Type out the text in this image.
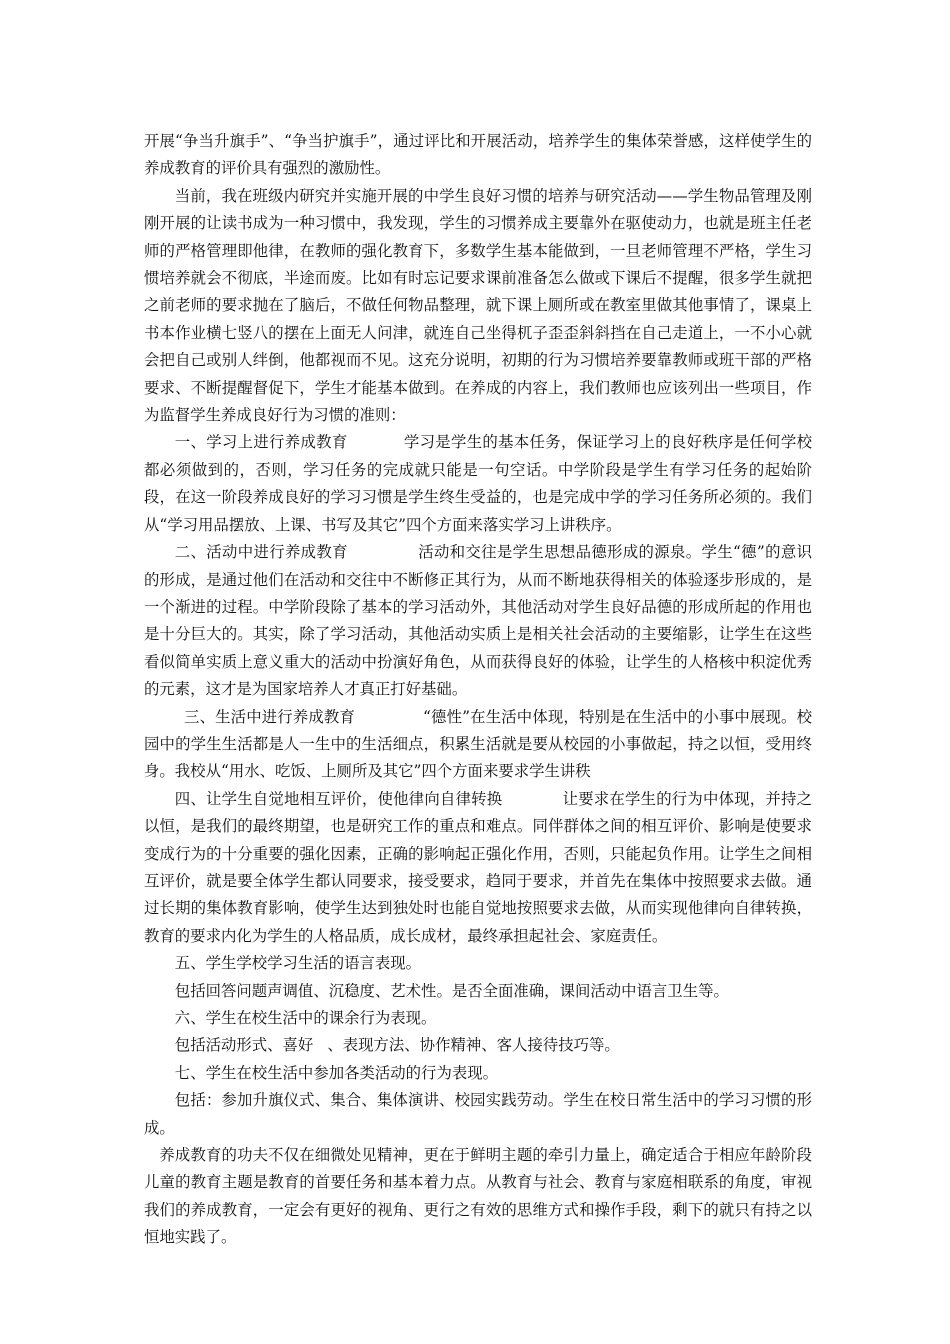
开展“争当升旗手”、“争当护旗手”，通过评比和开展活动，培养学生的集体荣誉感，这样使学生的养成教育的评价具有强烈的激励性。

当前，我在班级内研究并实施开展的中学生良好习惯的培养与研究活动——学生物品管理及刚刚开展的让读书成为一种习惯中，我发现，学生的习惯养成主要靠外在驱使动力，也就是班主任老师的严格管理即他律，在教师的强化教育下，多数学生基本能做到，一旦老师管理不严格，学生习惯培养就会不彻底，半途而废。比如有时忘记要求课前准备怎么做或下课后不提醒，很多学生就把之前老师的要求抛在了脑后，不做任何物品整理，就下课上厕所或在教室里做其他事情了，课桌上书本作业横七竖八的摆在上面无人问津，就连自己坐得杌子歪歪斜斜挡在自己走道上，一不小心就会把自己或别人绊倒，他都视而不见。这充分说明，初期的行为习惯培养要靠教师或班干部的严格要求、不断提醒督促下，学生才能基本做到。在养成的内容上，我们教师也应该列出一些项目，作为监督学生养成良好行为习惯的准则：

一、学习上进行养成教育	学习是学生的基本任务，保证学习上的良好秩序是任何学校都必须做到的，否则，学习任务的完成就只能是一句空话。中学阶段是学生有学习任务的起始阶段，在这一阶段养成良好的学习习惯是学生终生受益的，也是完成中学的学习任务所必须的。我们从“学习用品摆放、上课、书写及其它”四个方面来落实学习上讲秩序。

二、活动中进行养成教育	活动和交往是学生思想品德形成的源泉。学生“德”的意识的形成，是通过他们在活动和交往中不断修正其行为，从而不断地获得相关的体验逐步形成的，是一个渐进的过程。中学阶段除了基本的学习活动外，其他活动对学生良好品德的形成所起的作用也是十分巨大的。其实，除了学习活动，其他活动实质上是相关社会活动的主要缩影，让学生在这些看似简单实质上意义重大的活动中扮演好角色，从而获得良好的体验，让学生的人格核中积淀优秀的元素，这才是为国家培养人才真正打好基础。

三、生活中进行养成教育	“德性”在生活中体现，特别是在生活中的小事中展现。校园中的学生生活都是人一生中的生活细点，积累生活就是要从校园的小事做起，持之以恒，受用终身。我校从“用水、吃饭、上厕所及其它”四个方面来要求学生讲秩

四、让学生自觉地相互评价，使他律向自律转换	让要求在学生的行为中体现，并持之以恒，是我们的最终期望，也是研究工作的重点和难点。同伴群体之间的相互评价、影响是使要求变成行为的十分重要的强化因素，正确的影响起正强化作用，否则，只能起负作用。让学生之间相互评价，就是要全体学生都认同要求，接受要求，趋同于要求，并首先在集体中按照要求去做。通过长期的集体教育影响，使学生达到独处时也能自觉地按照要求去做，从而实现他律向自律转换，教育的要求内化为学生的人格品质，成长成材，最终承担起社会、家庭责任。

五、学生学校学习生活的语言表现。

包括回答问题声调值、沉稳度、艺术性。是否全面准确，课间活动中语言卫生等。

六、学生在校生活中的课余行为表现。

包括活动形式、喜好 、表现方法、协作精神、客人接待技巧等。

七、学生在校生活中参加各类活动的行为表现。

包括：参加升旗仪式、集合、集体演讲、校园实践劳动。学生在校日常生活中的学习习惯的形成。

养成教育的功夫不仅在细微处见精神，更在于鲜明主题的牵引力量上，确定适合于相应年龄阶段儿童的教育主题是教育的首要任务和基本着力点。从教育与社会、教育与家庭相联系的角度，审视我们的养成教育，一定会有更好的视角、更行之有效的思维方式和操作手段，剩下的就只有持之以恒地实践了。
